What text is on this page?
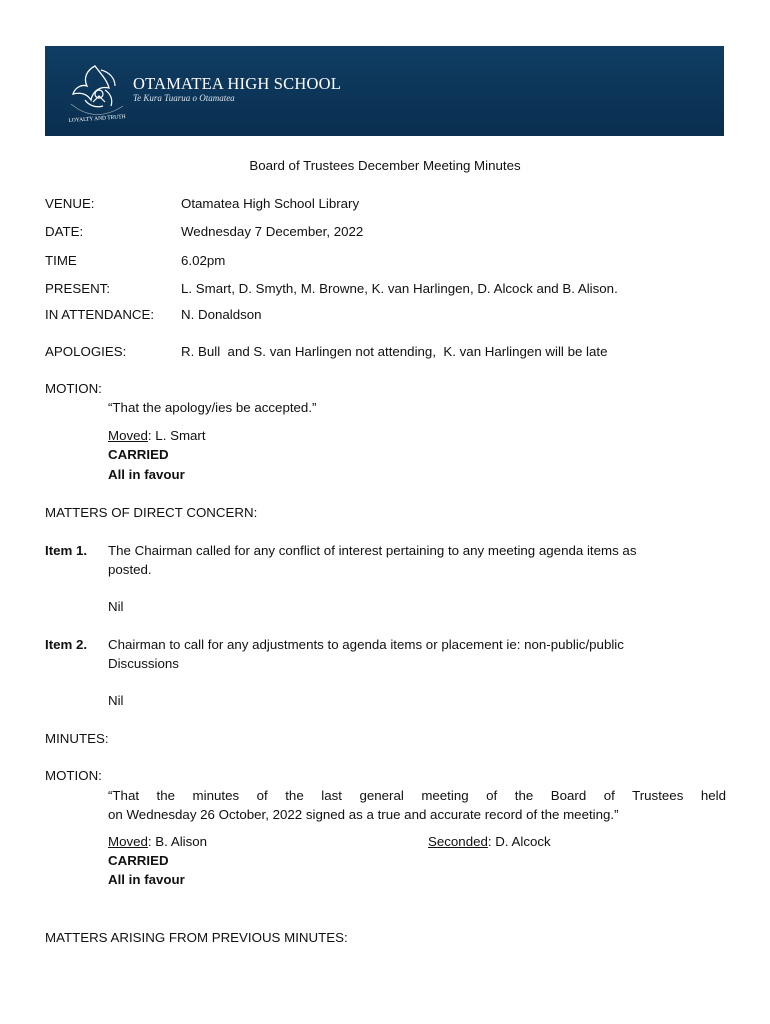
LOYALTY AND TRUTH
OTAMATEA HIGH SCHOOL
Te Kura Tuarua o Otamatea
Board of Trustees December Meeting Minutes
VENUE:	Otamatea High School Library
DATE:	Wednesday 7 December, 2022
TIME	6.02pm
PRESENT:	L. Smart, D. Smyth, M. Browne, K. van Harlingen, D. Alcock and B. Alison.
IN ATTENDANCE: N. Donaldson
APOLOGIES:	R. Bull  and S. van Harlingen not attending,  K. van Harlingen will be late
MOTION:
“That the apology/ies be accepted.”
Moved: L. Smart
CARRIED
All in favour
MATTERS OF DIRECT CONCERN:
Item 1. The Chairman called for any conflict of interest pertaining to any meeting agenda items as
posted.
Nil
Item 2. Chairman to call for any adjustments to agenda items or placement ie: non-public/public
Discussions
Nil
MINUTES:
MOTION:
“That the minutes of the last general meeting of the Board of Trustees held
on Wednesday 26 October, 2022 signed as a true and accurate record of the meeting.”
Moved: B. Alison	Seconded: D. Alcock
CARRIED
All in favour
MATTERS ARISING FROM PREVIOUS MINUTES:
